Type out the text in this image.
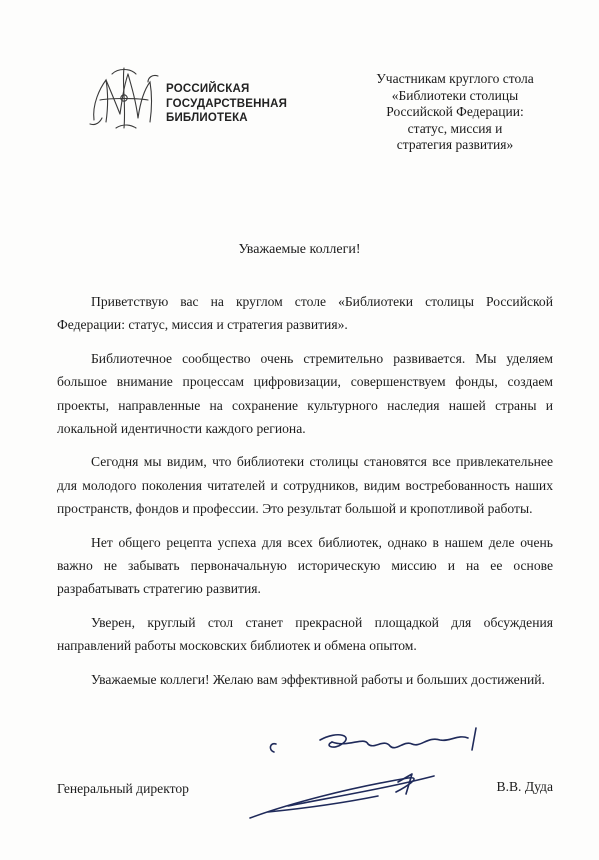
РОССИЙСКАЯ
ГОСУДАРСТВЕННАЯ
БИБЛИОТЕКА
Участникам круглого стола
«Библиотеки столицы
Российской Федерации:
статус, миссия и
стратегия развития»
Уважаемые коллеги!

Приветствую вас на круглом столе «Библиотеки столицы Российской Федерации: статус, миссия и стратегия развития».

Библиотечное сообщество очень стремительно развивается. Мы уделяем большое внимание процессам цифровизации, совершенствуем фонды, создаем проекты, направленные на сохранение культурного наследия нашей страны и локальной идентичности каждого региона.

Сегодня мы видим, что библиотеки столицы становятся все привлекательнее для молодого поколения читателей и сотрудников, видим востребованность наших пространств, фондов и профессии. Это результат большой и кропотливой работы.

Нет общего рецепта успеха для всех библиотек, однако в нашем деле очень важно не забывать первоначальную историческую миссию и на ее основе разрабатывать стратегию развития.

Уверен, круглый стол станет прекрасной площадкой для обсуждения направлений работы московских библиотек и обмена опытом.

Уважаемые коллеги! Желаю вам эффективной работы и больших достижений.

Генеральный директор	В.В. Дуда
